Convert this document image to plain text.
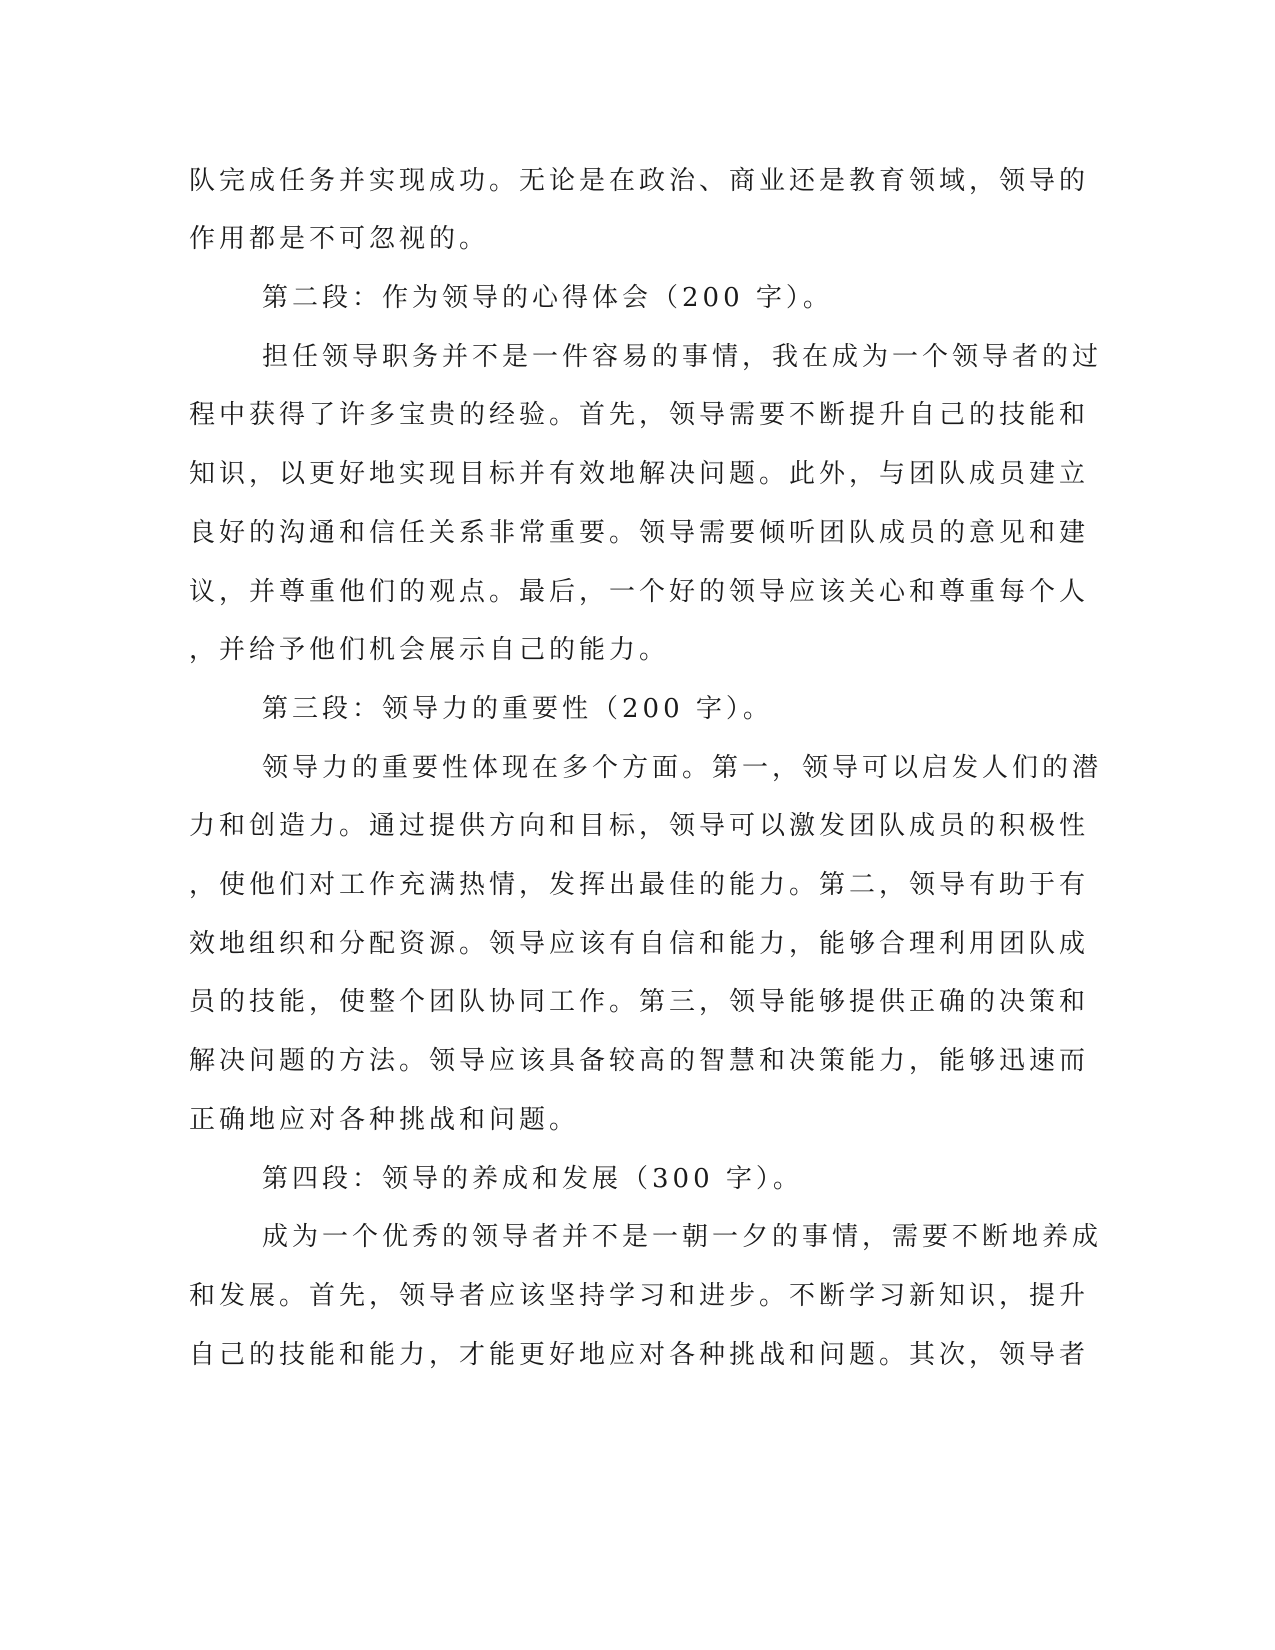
队完成任务并实现成功。无论是在政治、商业还是教育领域，领导的
作用都是不可忽视的。
第二段：作为领导的心得体会（200 字）。
担任领导职务并不是一件容易的事情，我在成为一个领导者的过
程中获得了许多宝贵的经验。首先，领导需要不断提升自己的技能和
知识，以更好地实现目标并有效地解决问题。此外，与团队成员建立
良好的沟通和信任关系非常重要。领导需要倾听团队成员的意见和建
议，并尊重他们的观点。最后，一个好的领导应该关心和尊重每个人
，并给予他们机会展示自己的能力。
第三段：领导力的重要性（200 字）。
领导力的重要性体现在多个方面。第一，领导可以启发人们的潜
力和创造力。通过提供方向和目标，领导可以激发团队成员的积极性
，使他们对工作充满热情，发挥出最佳的能力。第二，领导有助于有
效地组织和分配资源。领导应该有自信和能力，能够合理利用团队成
员的技能，使整个团队协同工作。第三，领导能够提供正确的决策和
解决问题的方法。领导应该具备较高的智慧和决策能力，能够迅速而
正确地应对各种挑战和问题。
第四段：领导的养成和发展（300 字）。
成为一个优秀的领导者并不是一朝一夕的事情，需要不断地养成
和发展。首先，领导者应该坚持学习和进步。不断学习新知识，提升
自己的技能和能力，才能更好地应对各种挑战和问题。其次，领导者
